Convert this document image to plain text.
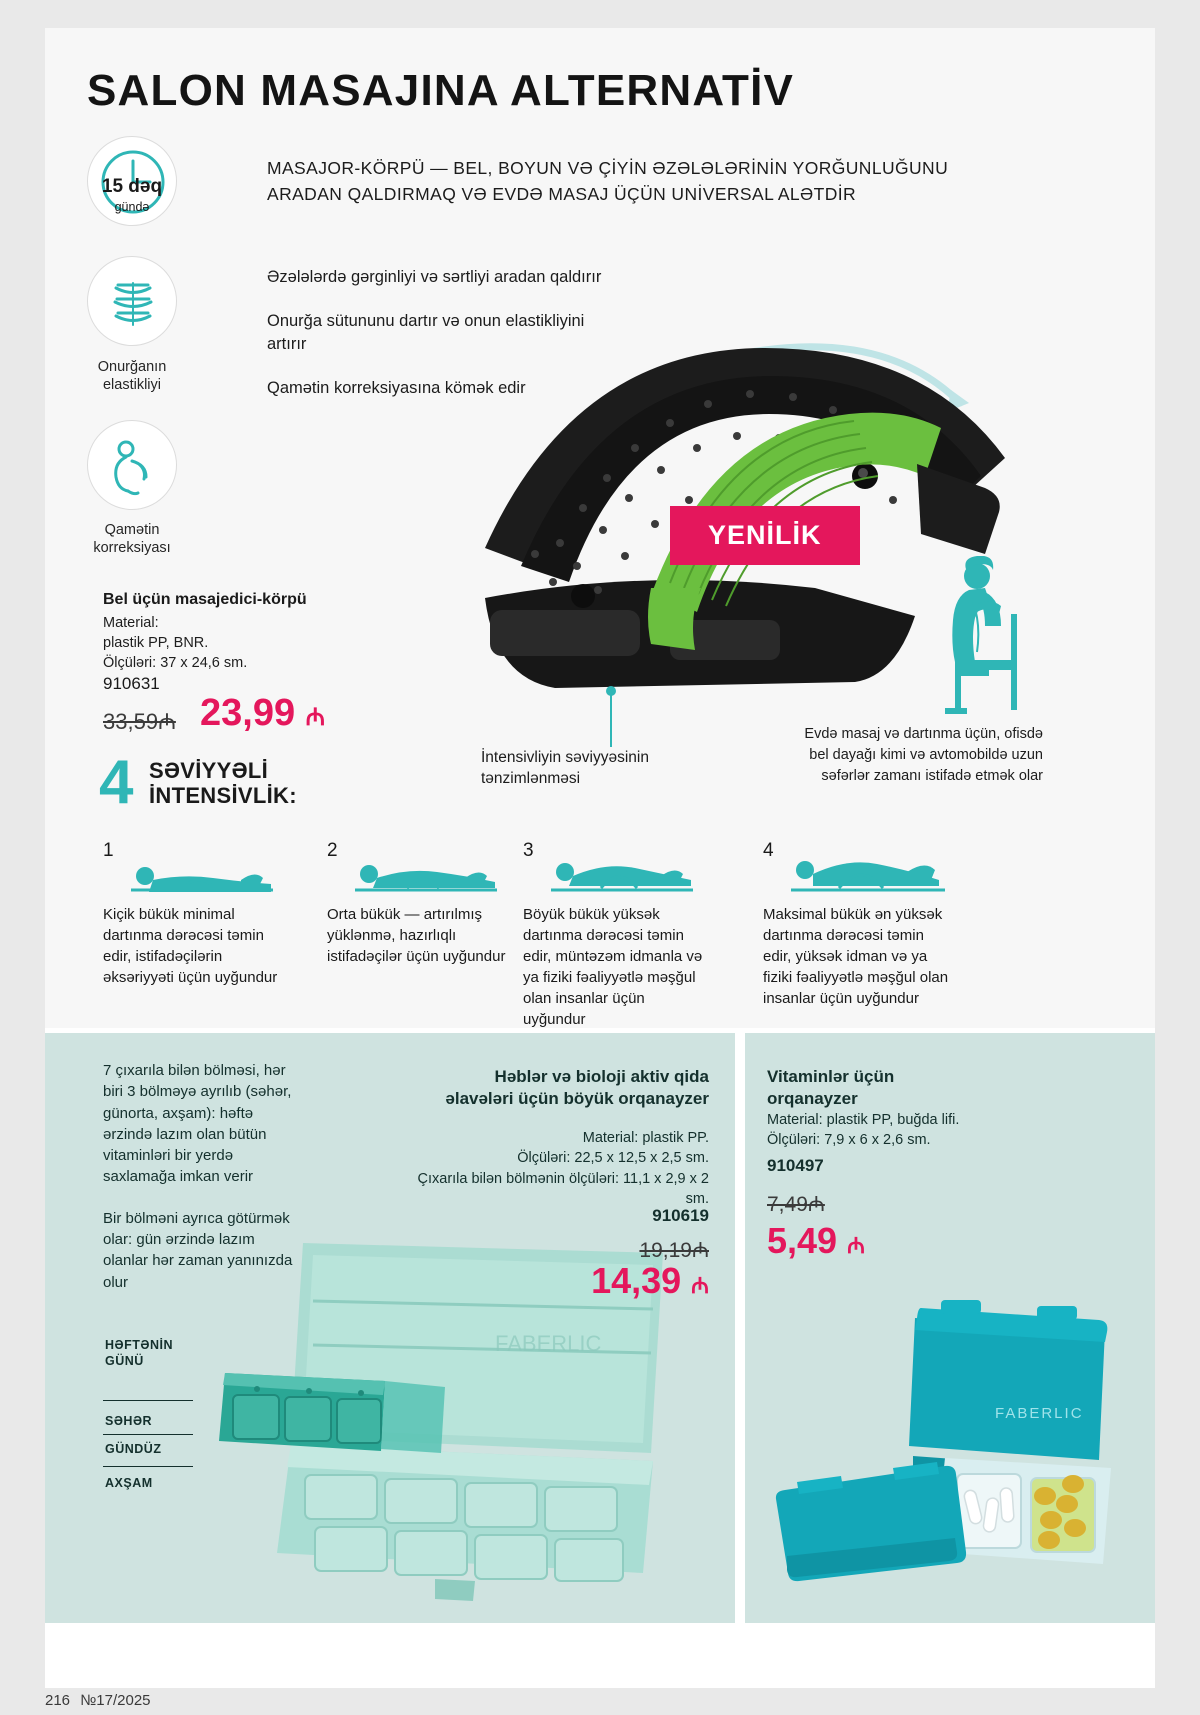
SALON MASAJINA ALTERNATİV
15 dəq
gündə
Onurğanın
elastikliyi
Qamətin
korreksiyası
MASAJOR-KÖRPÜ — BEL, BOYUN VƏ ÇİYİN ƏZƏLƏLƏRİNİN YORĞUNLUĞUNU ARADAN QALDIRMAQ VƏ EVDƏ MASAJ ÜÇÜN UNİVERSAL ALƏTDİR

Əzələlərdə gərginliyi və sərtliyi aradan qaldırır

Onurğa sütununu dartır və onun elastikliyini artırır

Qamətin korreksiyasına kömək edir

YENİLİK
Bel üçün masajedici-körpü
Material:
plastik PP, BNR.
Ölçüləri: 37 x 24,6 sm.
910631
33,59₼ 23,99 ₼
4 SƏVİYYƏLİ
İNTENSİVLİK:
İntensivliyin səviyyəsinin tənzimlənməsi
Evdə masaj və dartınma üçün, ofisdə bel dayağı kimi və avtomobildə uzun səfərlər zamanı istifadə etmək olar
1
Kiçik bükük minimal dartınma dərəcəsi təmin edir, istifadəçilərin əksəriyyəti üçün uyğundur
2
Orta bükük — artırılmış yüklənmə, hazırlıqlı istifadəçilər üçün uyğundur
3
Böyük bükük yüksək dartınma dərəcəsi təmin edir, müntəzəm idmanla və ya fiziki fəaliyyətlə məşğul olan insanlar üçün uyğundur
4
Maksimal bükük ən yüksək dartınma dərəcəsi təmin edir, yüksək idman və ya fiziki fəaliyyətlə məşğul olan insanlar üçün uyğundur
FABERLIC

7 çıxarıla bilən bölməsi, hər biri 3 bölməyə ayrılıb (səhər, günorta, axşam): həftə ərzində lazım olan bütün vitaminləri bir yerdə saxlamağa imkan verir

Bir bölməni ayrıca götürmək olar: gün ərzində lazım olanlar hər zaman yanınızda olur

Həblər və bioloji aktiv qida əlavələri üçün böyük orqanayzer
Material: plastik PP.
Ölçüləri: 22,5 x 12,5 x 2,5 sm.
Çıxarıla bilən bölmənin ölçüləri: 11,1 x 2,9 x 2 sm.
910619
19,19₼
14,39 ₼
HƏFTƏNİN
GÜNÜ
SƏHƏR
GÜNDÜZ
AXŞAM
Vitaminlər üçün
orqanayzer
Material: plastik PP, buğda lifi.
Ölçüləri: 7,9 x 6 x 2,6 sm.
910497
7,49₼
5,49 ₼
FABERLIC
216 №17/2025
